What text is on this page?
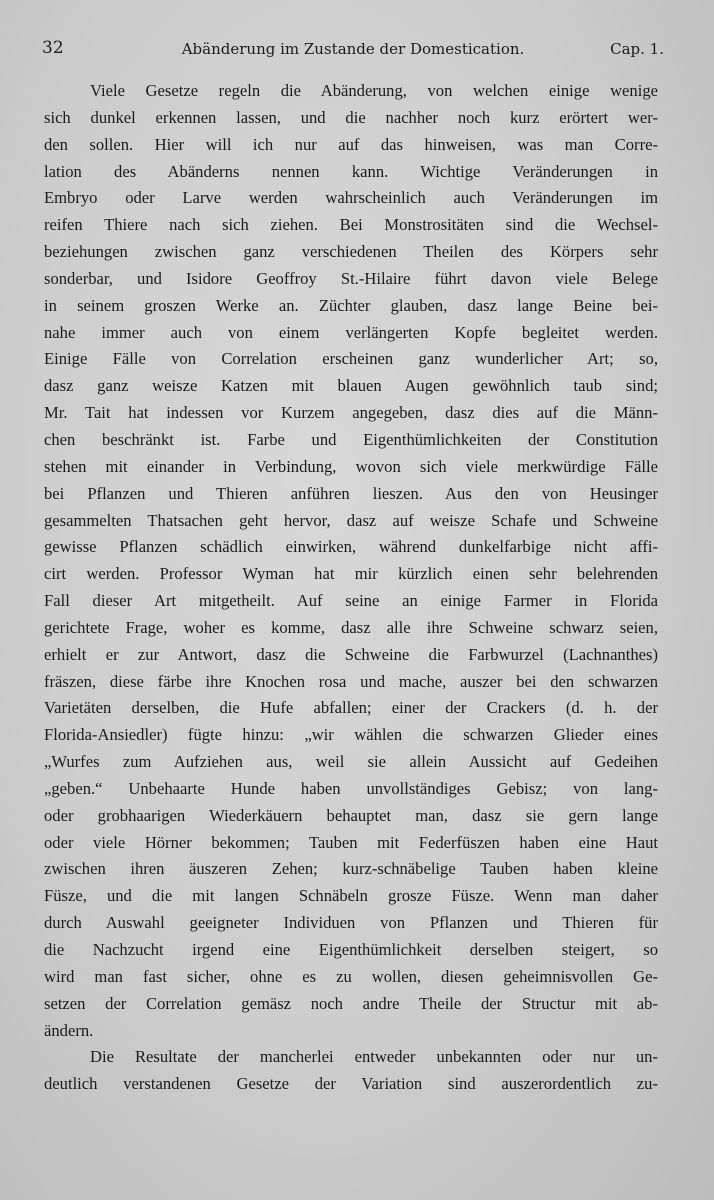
32	Abänderung im Zustande der Domestication.	Cap. 1.
Viele Gesetze regeln die Abänderung, von welchen einige wenige
sich dunkel erkennen lassen, und die nachher noch kurz erörtert wer-
den sollen. Hier will ich nur auf das hinweisen, was man Corre-
lation des Abänderns nennen kann. Wichtige Veränderungen in
Embryo oder Larve werden wahrscheinlich auch Veränderungen im
reifen Thiere nach sich ziehen. Bei Monstrositäten sind die Wechsel-
beziehungen zwischen ganz verschiedenen Theilen des Körpers sehr
sonderbar, und Isidore Geoffroy St.-Hilaire führt davon viele Belege
in seinem groszen Werke an. Züchter glauben, dasz lange Beine bei-
nahe immer auch von einem verlängerten Kopfe begleitet werden.
Einige Fälle von Correlation erscheinen ganz wunderlicher Art; so,
dasz ganz weisze Katzen mit blauen Augen gewöhnlich taub sind;
Mr. Tait hat indessen vor Kurzem angegeben, dasz dies auf die Männ-
chen beschränkt ist. Farbe und Eigenthümlichkeiten der Constitution
stehen mit einander in Verbindung, wovon sich viele merkwürdige Fälle
bei Pflanzen und Thieren anführen lieszen. Aus den von Heusinger
gesammelten Thatsachen geht hervor, dasz auf weisze Schafe und Schweine
gewisse Pflanzen schädlich einwirken, während dunkelfarbige nicht affi-
cirt werden. Professor Wyman hat mir kürzlich einen sehr belehrenden
Fall dieser Art mitgetheilt. Auf seine an einige Farmer in Florida
gerichtete Frage, woher es komme, dasz alle ihre Schweine schwarz seien,
erhielt er zur Antwort, dasz die Schweine die Farbwurzel (Lachnanthes)
fräszen, diese färbe ihre Knochen rosa und mache, auszer bei den schwarzen
Varietäten derselben, die Hufe abfallen; einer der Crackers (d. h. der
Florida-Ansiedler) fügte hinzu: „wir wählen die schwarzen Glieder eines
„Wurfes zum Aufziehen aus, weil sie allein Aussicht auf Gedeihen
„geben.“ Unbehaarte Hunde haben unvollständiges Gebisz; von lang-
oder grobhaarigen Wiederkäuern behauptet man, dasz sie gern lange
oder viele Hörner bekommen; Tauben mit Federfüszen haben eine Haut
zwischen ihren äuszeren Zehen; kurz-schnäbelige Tauben haben kleine
Füsze, und die mit langen Schnäbeln grosze Füsze. Wenn man daher
durch Auswahl geeigneter Individuen von Pflanzen und Thieren für
die Nachzucht irgend eine Eigenthümlichkeit derselben steigert, so
wird man fast sicher, ohne es zu wollen, diesen geheimnisvollen Ge-
setzen der Correlation gemäsz noch andre Theile der Structur mit ab-
ändern.
Die Resultate der mancherlei entweder unbekannten oder nur un-
deutlich verstandenen Gesetze der Variation sind auszerordentlich zu-
